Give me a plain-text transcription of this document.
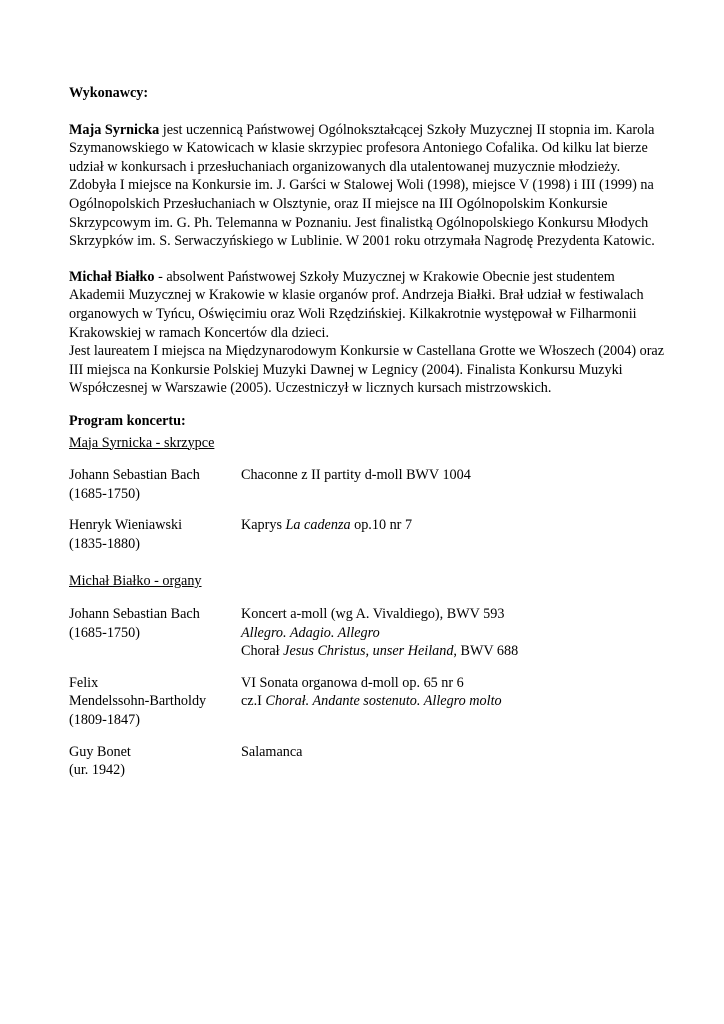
Wykonawcy:

Maja Syrnicka jest uczennicą Państwowej Ogólnokształcącej Szkoły Muzycznej II stopnia im. Karola Szymanowskiego w Katowicach w klasie skrzypiec profesora Antoniego Cofalika. Od kilku lat bierze udział w konkursach i przesłuchaniach organizowanych dla utalentowanej muzycznie młodzieży. Zdobyła I miejsce na Konkursie im. J. Garści w Stalowej Woli (1998), miejsce V (1998) i III (1999) na Ogólnopolskich Przesłuchaniach w Olsztynie, oraz II miejsce na III Ogólnopolskim Konkursie Skrzypcowym im. G. Ph. Telemanna w Poznaniu. Jest finalistką Ogólnopolskiego Konkursu Młodych Skrzypków im. S. Serwaczyńskiego w Lublinie. W 2001 roku otrzymała Nagrodę Prezydenta Katowic.

Michał Białko - absolwent Państwowej Szkoły Muzycznej w Krakowie Obecnie jest studentem Akademii Muzycznej w Krakowie w klasie organów prof. Andrzeja Białki. Brał udział w festiwalach organowych w Tyńcu, Oświęcimiu oraz Woli Rzędzińskiej. Kilkakrotnie występował w Filharmonii Krakowskiej w ramach Koncertów dla dzieci.

Jest laureatem I miejsca na Międzynarodowym Konkursie w Castellana Grotte we Włoszech (2004) oraz III miejsca na Konkursie Polskiej Muzyki Dawnej w Legnicy (2004). Finalista Konkursu Muzyki Współczesnej w Warszawie (2005). Uczestniczył w licznych kursach mistrzowskich.

Program koncertu:

Maja Syrnicka - skrzypce

Johann Sebastian Bach
(1685-1750)
Chaconne z II partity d-moll BWV 1004
Henryk Wieniawski
(1835-1880)
Kaprys La cadenza op.10 nr 7

Michał Białko - organy

Johann Sebastian Bach
(1685-1750)
Koncert a-moll (wg A. Vivaldiego), BWV 593
Allegro. Adagio. Allegro
Chorał Jesus Christus, unser Heiland, BWV 688
Felix
Mendelssohn-Bartholdy
(1809-1847)
VI Sonata organowa d-moll op. 65 nr 6
cz.I Chorał. Andante sostenuto. Allegro molto
Guy Bonet
(ur. 1942)
Salamanca
